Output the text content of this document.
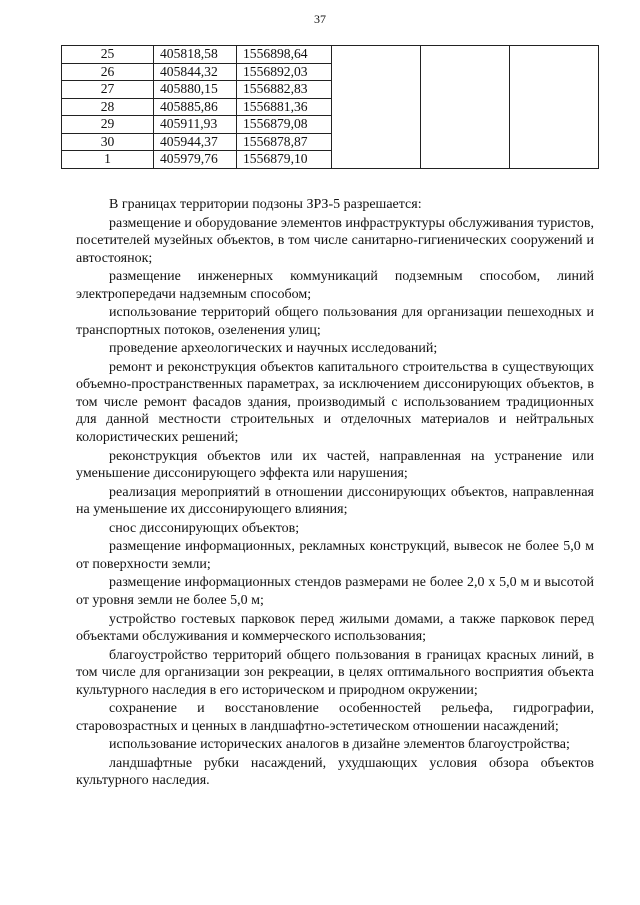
37
25	405818,58	1556898,64			
26	405844,32	1556892,03			
27	405880,15	1556882,83			
28	405885,86	1556881,36			
29	405911,93	1556879,08			
30	405944,37	1556878,87			
1	405979,76	1556879,10			

В границах территории подзоны ЗРЗ-5 разрешается:

размещение и оборудование элементов инфраструктуры обслуживания туристов, посетителей музейных объектов, в том числе санитарно-гигиенических сооружений и автостоянок;

размещение инженерных коммуникаций подземным способом, линий электропередачи надземным способом;

использование территорий общего пользования для организации пешеходных и транспортных потоков, озеленения улиц;

проведение археологических и научных исследований;

ремонт и реконструкция объектов капитального строительства в существующих объемно-пространственных параметрах, за исключением диссонирующих объектов, в том числе ремонт фасадов здания, производимый с использованием традиционных для данной местности строительных и отделочных материалов и нейтральных колористических решений;

реконструкция объектов или их частей, направленная на устранение или уменьшение диссонирующего эффекта или нарушения;

реализация мероприятий в отношении диссонирующих объектов, направленная на уменьшение их диссонирующего влияния;

снос диссонирующих объектов;

размещение информационных, рекламных конструкций, вывесок не более 5,0 м от поверхности земли;

размещение информационных стендов размерами не более 2,0 х 5,0 м и высотой от уровня земли не более 5,0 м;

устройство гостевых парковок перед жилыми домами, а также парковок перед объектами обслуживания и коммерческого использования;

благоустройство территорий общего пользования в границах красных линий, в том числе для организации зон рекреации, в целях оптимального восприятия объекта культурного наследия в его историческом и природном окружении;

сохранение и восстановление особенностей рельефа, гидрографии, старовозрастных и ценных в ландшафтно-эстетическом отношении насаждений;

использование исторических аналогов в дизайне элементов благоустройства;

ландшафтные рубки насаждений, ухудшающих условия обзора объектов культурного наследия.
